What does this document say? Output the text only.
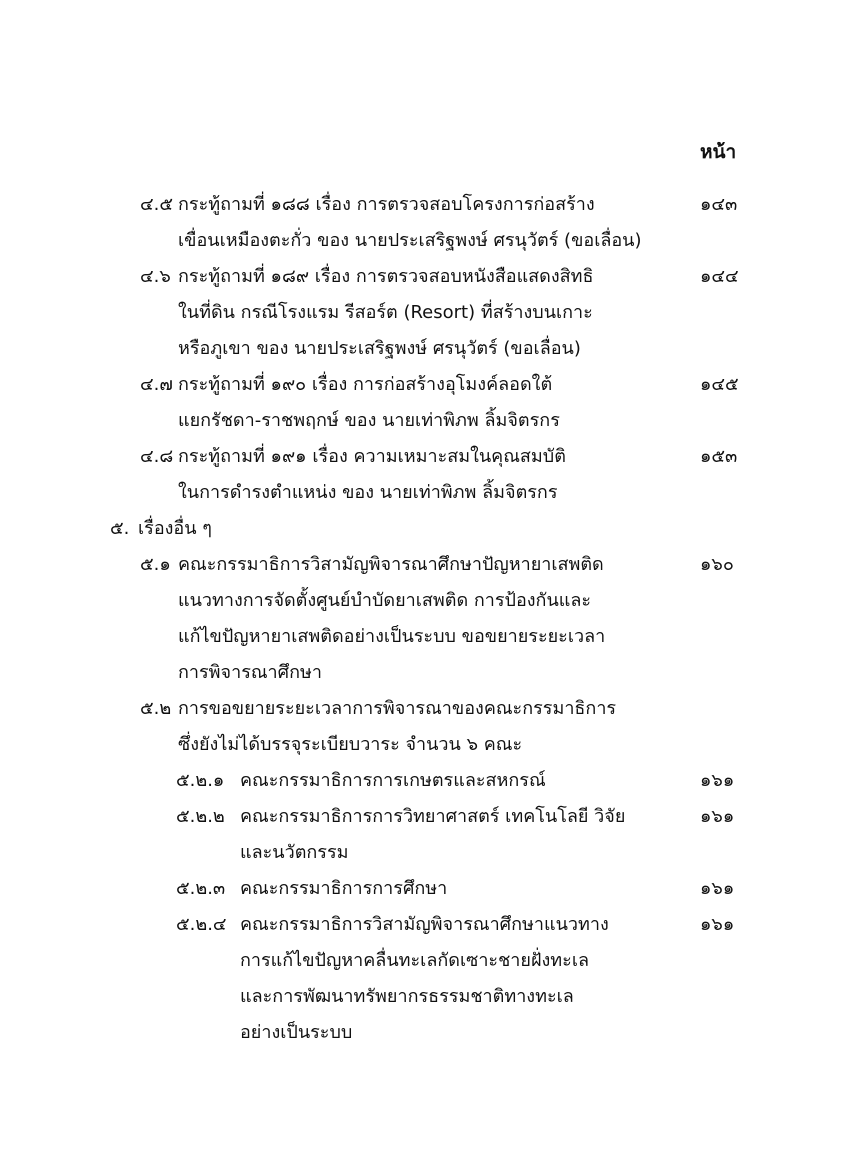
หน้า
๔.๕ กระทู้ถามที่ ๑๘๘ เรื่อง การตรวจสอบโครงการก่อสร้าง	๑๔๓
เขื่อนเหมืองตะกั่ว ของ นายประเสริฐพงษ์ ศรนุวัตร์ (ขอเลื่อน)
๔.๖ กระทู้ถามที่ ๑๘๙ เรื่อง การตรวจสอบหนังสือแสดงสิทธิ	๑๔๔
ในที่ดิน กรณีโรงแรม รีสอร์ต (Resort) ที่สร้างบนเกาะ
หรือภูเขา ของ นายประเสริฐพงษ์ ศรนุวัตร์ (ขอเลื่อน)
๔.๗ กระทู้ถามที่ ๑๙๐ เรื่อง การก่อสร้างอุโมงค์ลอดใต้	๑๔๕
แยกรัชดา-ราชพฤกษ์ ของ นายเท่าพิภพ ลิ้มจิตรกร
๔.๘ กระทู้ถามที่ ๑๙๑ เรื่อง ความเหมาะสมในคุณสมบัติ	๑๕๓
ในการดำรงตำแหน่ง ของ นายเท่าพิภพ ลิ้มจิตรกร
๕. เรื่องอื่น ๆ
๕.๑ คณะกรรมาธิการวิสามัญพิจารณาศึกษาปัญหายาเสพติด	๑๖๐
แนวทางการจัดตั้งศูนย์บำบัดยาเสพติด การป้องกันและ
แก้ไขปัญหายาเสพติดอย่างเป็นระบบ ขอขยายระยะเวลา
การพิจารณาศึกษา
๕.๒ การขอขยายระยะเวลาการพิจารณาของคณะกรรมาธิการ
ซึ่งยังไม่ได้บรรจุระเบียบวาระ จำนวน ๖ คณะ
๕.๒.๑ คณะกรรมาธิการการเกษตรและสหกรณ์	๑๖๑
๕.๒.๒ คณะกรรมาธิการการวิทยาศาสตร์ เทคโนโลยี วิจัย	๑๖๑
และนวัตกรรม
๕.๒.๓ คณะกรรมาธิการการศึกษา	๑๖๑
๕.๒.๔ คณะกรรมาธิการวิสามัญพิจารณาศึกษาแนวทาง	๑๖๑
การแก้ไขปัญหาคลื่นทะเลกัดเซาะชายฝั่งทะเล
และการพัฒนาทรัพยากรธรรมชาติทางทะเล
อย่างเป็นระบบ
